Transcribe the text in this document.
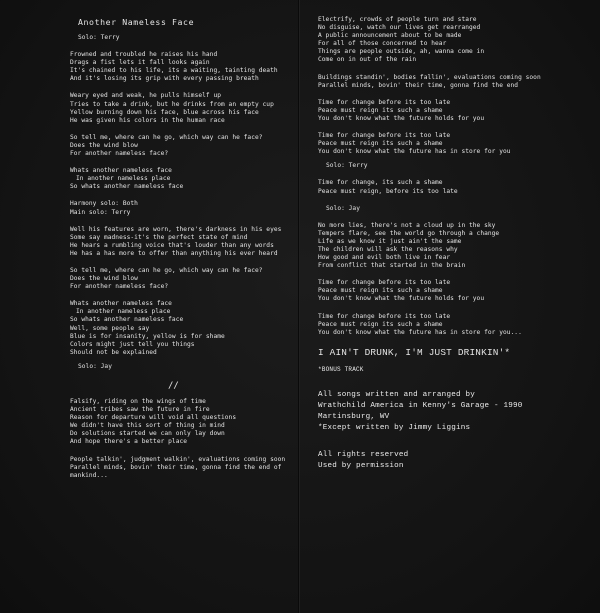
Another Nameless Face
Solo: Terry
Frowned and troubled he raises his hand
Drags a fist lets it fall looks again
It's chained to his life, its a waiting, tainting death
And it's losing its grip with every passing breath
Weary eyed and weak, he pulls himself up
Tries to take a drink, but he drinks from an empty cup
Yellow burning down his face, blue across his face
He was given his colors in the human race
So tell me, where can he go, which way can he face?
Does the wind blow
For another nameless face?
Whats another nameless face
In another nameless place
So whats another nameless face
Harmony solo: Both
Main solo: Terry
Well his features are worn, there's darkness in his eyes
Some say madness-it's the perfect state of mind
He hears a rumbling voice that's louder than any words
He has a has more to offer than anything his ever heard
So tell me, where can he go, which way can he face?
Does the wind blow
For another nameless face?
Whats another nameless face
In another nameless place
So whats another nameless face
Well, some people say
Blue is for insanity, yellow is for shame
Colors might just tell you things
Should not be explained
Solo: Jay
//
Falsify, riding on the wings of time
Ancient tribes saw the future in fire
Reason for departure will void all questions
We didn't have this sort of thing in mind
Do solutions started we can only lay down
And hope there's a better place
People talkin', judgment walkin', evaluations coming soon
Parallel minds, bovin' their time, gonna find the end of
mankind...
Electrify, crowds of people turn and stare
No disguise, watch our lives get rearranged
A public announcement about to be made
For all of those concerned to hear
Things are people outside, ah, wanna come in
Come on in out of the rain
Buildings standin', bodies fallin', evaluations coming soon
Parallel minds, bovin' their time, gonna find the end
Time for change before its too late
Peace must reign its such a shame
You don't know what the future holds for you
Time for change before its too late
Peace must reign its such a shame
You don't know what the future has in store for you
Solo: Terry
Time for change, its such a shame
Peace must reign, before its too late
Solo: Jay
No more lies, there's not a cloud up in the sky
Tempers flare, see the world go through a change
Life as we know it just ain't the same
The children will ask the reasons why
How good and evil both live in fear
From conflict that started in the brain
Time for change before its too late
Peace must reign its such a shame
You don't know what the future holds for you
Time for change before its too late
Peace must reign its such a shame
You don't know what the future has in store for you...
I AIN'T DRUNK, I'M JUST DRINKIN'*
*BONUS TRACK
All songs written and arranged by
Wrathchild America in Kenny's Garage - 1990
Martinsburg, WV
*Except written by Jimmy Liggins
All rights reserved
Used by permission
